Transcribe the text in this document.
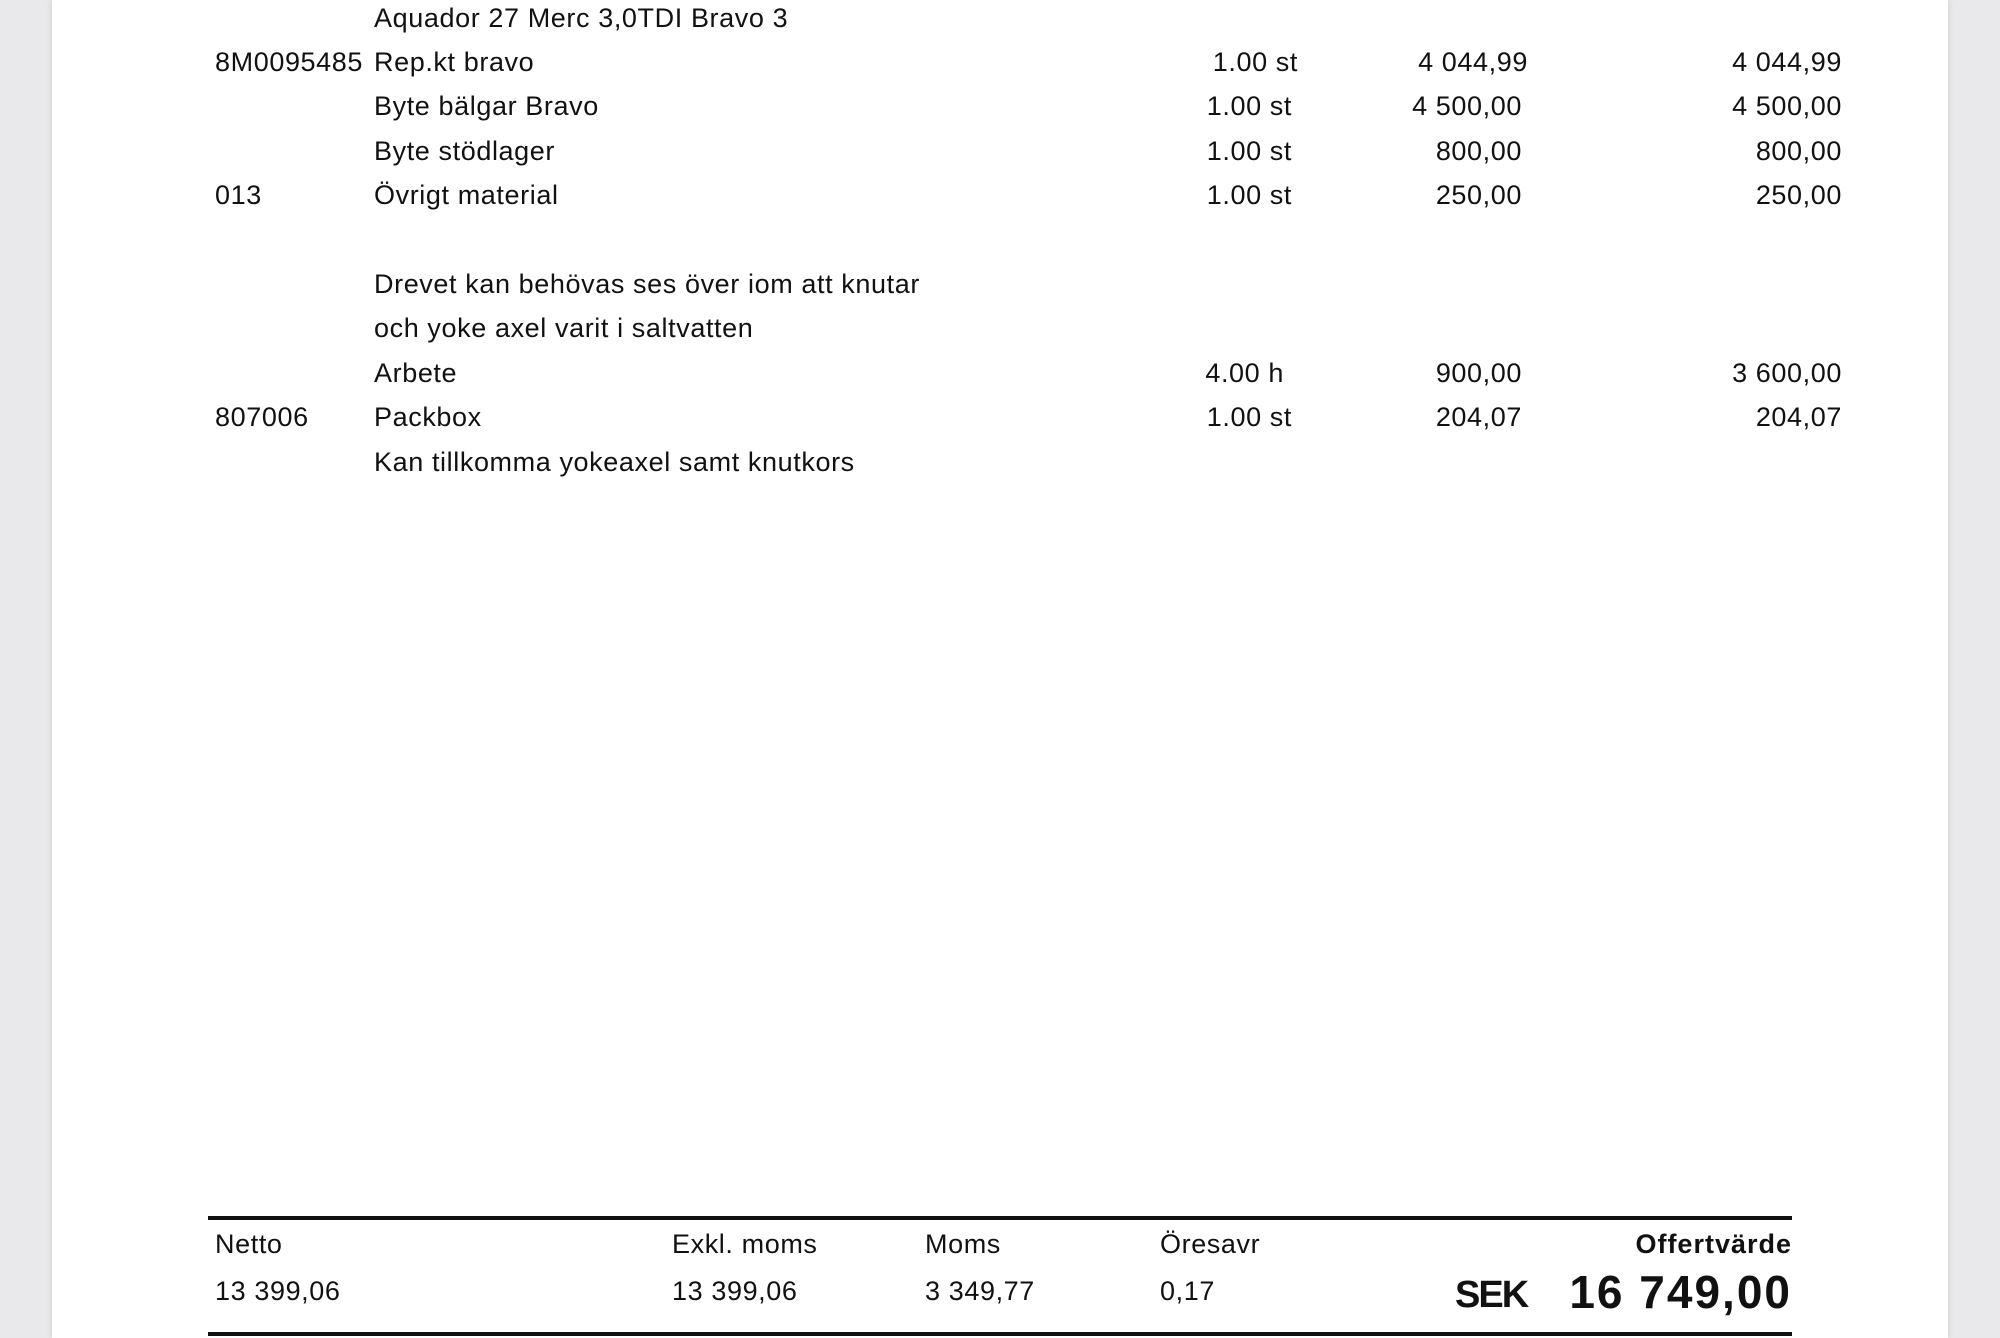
Aquador 27 Merc 3,0TDI Bravo 3
8M0095485 Rep.kt bravo	1.00 st	4 044,99	4 044,99
Byte bälgar Bravo	1.00 st	4 500,00	4 500,00
Byte stödlager	1.00 st	800,00	800,00
013	Övrigt material	1.00 st	250,00	250,00
Drevet kan behövas ses över iom att knutar
och yoke axel varit i saltvatten
Arbete	4.00 h	900,00	3 600,00
807006 Packbox	1.00 st	204,07	204,07
Kan tillkomma yokeaxel samt knutkors
Netto
13 399,06
Exkl. moms
13 399,06
Moms
3 349,77
Öresavr
0,17
Offertvärde
SEK 16 749,00
